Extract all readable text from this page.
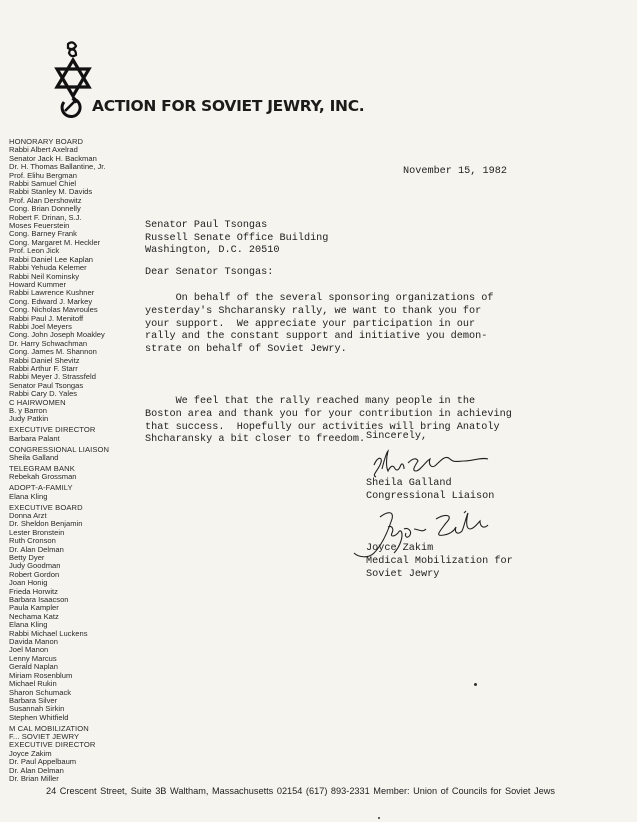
ACTION FOR SOVIET JEWRY, INC.
HONORARY BOARD
Rabbi Albert Axelrad
Senator Jack H. Backman
Dr. H. Thomas Ballantine, Jr.
Prof. Elihu Bergman
Rabbi Samuel Chiel
Rabbi Stanley M. Davids
Prof. Alan Dershowitz
Cong. Brian Donnelly
Robert F. Drinan, S.J.
Moses Feuerstein
Cong. Barney Frank
Cong. Margaret M. Heckler
Prof. Leon Jick
Rabbi Daniel Lee Kaplan
Rabbi Yehuda Kelemer
Rabbi Neil Kominsky
Howard Kummer
Rabbi Lawrence Kushner
Cong. Edward J. Markey
Cong. Nicholas Mavroules
Rabbi Paul J. Menitoff
Rabbi Joel Meyers
Cong. John Joseph Moakley
Dr. Harry Schwachman
Cong. James M. Shannon
Rabbi Daniel Shevitz
Rabbi Arthur F. Starr
Rabbi Meyer J. Strassfeld
Senator Paul Tsongas
Rabbi Cary D. Yales
C HAIRWOMEN
B. y Barron
Judy Patkin
EXECUTIVE DIRECTOR
Barbara Palant
CONGRESSIONAL LIAISON
Sheila Galland
TELEGRAM BANK
Rebekah Grossman
ADOPT-A-FAMILY
Elana Kling
EXECUTIVE BOARD
Donna Arzt
Dr. Sheldon Benjamin
Lester Bronstein
Ruth Cronson
Dr. Alan Delman
Betty Dyer
Judy Goodman
Robert Gordon
Joan Honig
Frieda Horwitz
Barbara Isaacson
Paula Kampler
Nechama Katz
Elana Kling
Rabbi Michael Luckens
Davida Manon
Joel Manon
Lenny Marcus
Gerald Naplan
Miriam Rosenblum
Michael Rukin
Sharon Schumack
Barbara Silver
Susannah Sirkin
Stephen Whitfield
M CAL MOBILIZATION
F... SOVIET JEWRY
EXECUTIVE DIRECTOR
Joyce Zakim
Dr. Paul Appelbaum
Dr. Alan Delman
Dr. Brian Miller
November 15, 1982
Senator Paul Tsongas
Russell Senate Office Building
Washington, D.C. 20510
Dear Senator Tsongas:
On behalf of the several sponsoring organizations of
yesterday's Shcharansky rally, we want to thank you for
your support.  We appreciate your participation in our
rally and the constant support and initiative you demon-
strate on behalf of Soviet Jewry.
We feel that the rally reached many people in the
Boston area and thank you for your contribution in achieving
that success.  Hopefully our activities will bring Anatoly
Shcharansky a bit closer to freedom. Sincerely,
Sheila Galland
Congressional Liaison
Joyce Zakim
Medical Mobilization for
Soviet Jewry
24 Crescent Street, Suite 3B Waltham, Massachusetts 02154 (617) 893-2331 Member: Union of Councils for Soviet Jews
